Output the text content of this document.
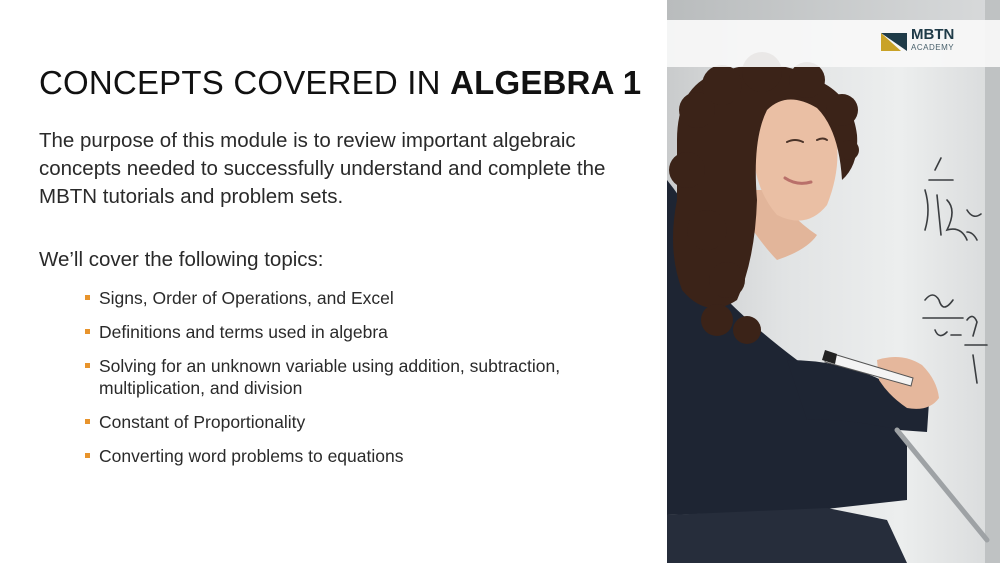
CONCEPTS COVERED IN ALGEBRA 1

The purpose of this module is to review important algebraic concepts needed to successfully understand and complete the MBTN tutorials and problem sets.

We’ll cover the following topics:

Signs, Order of Operations, and Excel
Definitions and terms used in algebra
Solving for an unknown variable using addition, subtraction, multiplication, and division
Constant of Proportionality
Converting word problems to equations
MBTN
ACADEMY
